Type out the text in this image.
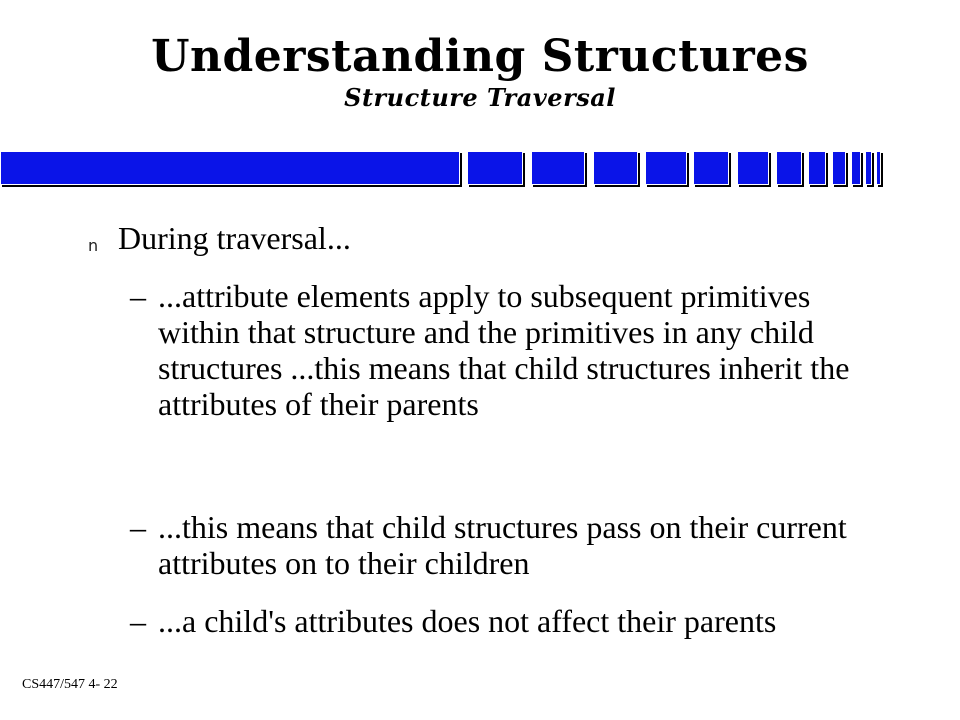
Understanding Structures
Structure Traversal
n During traversal...
– ...attribute elements apply to subsequent primitives within that structure and the primitives in any child structures ...this means that child structures inherit the attributes of their parents
– ...this means that child structures pass on their current attributes on to their children
– ...a child's attributes does not affect their parents
CS447/547 4- 22
